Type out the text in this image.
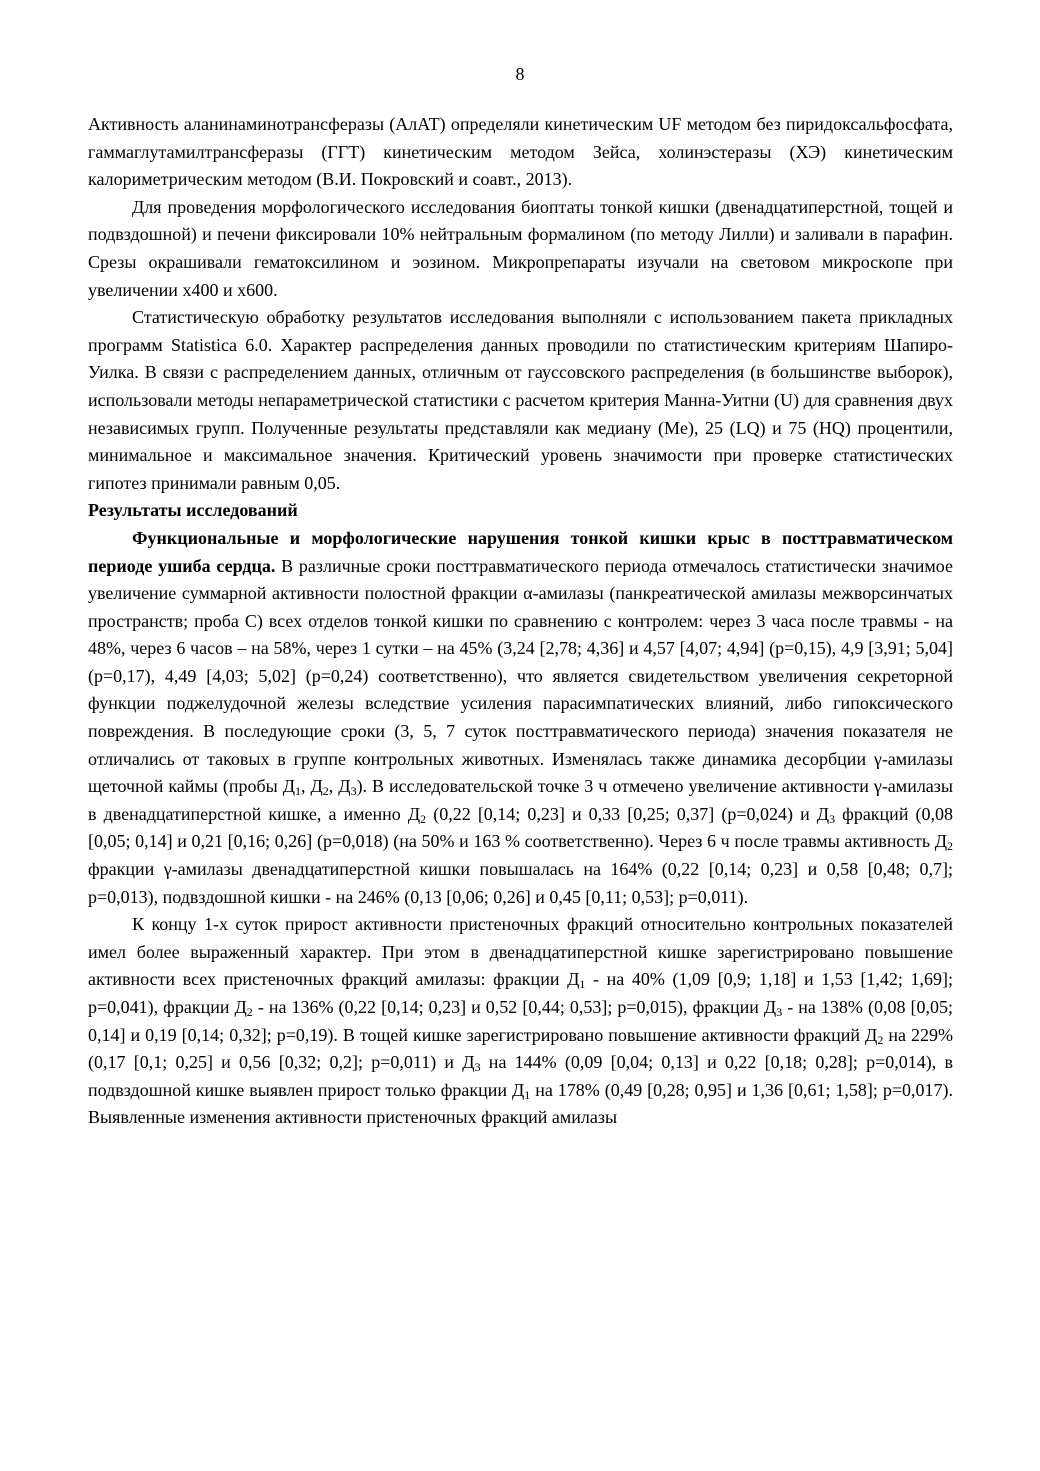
8

Активность аланинаминотрансферазы (АлАТ) определяли кинетическим UF методом без пиридоксальфосфата, гаммаглутамилтрансферазы (ГГТ) кинетическим методом Зейса, холинэстеразы (ХЭ) кинетическим калориметрическим методом (В.И. Покровский и соавт., 2013).

Для проведения морфологического исследования биоптаты тонкой кишки (двенадцатиперстной, тощей и подвздошной) и печени фиксировали 10% нейтральным формалином (по методу Лилли) и заливали в парафин. Срезы окрашивали гематоксилином и эозином. Микропрепараты изучали на световом микроскопе при увеличении х400 и х600.

Статистическую обработку результатов исследования выполняли с использованием пакета прикладных программ Statistica 6.0. Характер распределения данных проводили по статистическим критериям Шапиро-Уилка. В связи с распределением данных, отличным от гауссовского распределения (в большинстве выборок), использовали методы непараметрической статистики с расчетом критерия Манна-Уитни (U) для сравнения двух независимых групп. Полученные результаты представляли как медиану (Me), 25 (LQ) и 75 (HQ) процентили, минимальное и максимальное значения. Критический уровень значимости при проверке статистических гипотез принимали равным 0,05.

Результаты исследований

Функциональные и морфологические нарушения тонкой кишки крыс в посттравматическом периоде ушиба сердца. В различные сроки посттравматического периода отмечалось статистически значимое увеличение суммарной активности полостной фракции α-амилазы (панкреатической амилазы межворсинчатых пространств; проба С) всех отделов тонкой кишки по сравнению с контролем: через 3 часа после травмы - на 48%, через 6 часов – на 58%, через 1 сутки – на 45% (3,24 [2,78; 4,36] и 4,57 [4,07; 4,94] (р=0,15), 4,9 [3,91; 5,04] (р=0,17), 4,49 [4,03; 5,02] (р=0,24) соответственно), что является свидетельством увеличения секреторной функции поджелудочной железы вследствие усиления парасимпатических влияний, либо гипоксического повреждения. В последующие сроки (3, 5, 7 суток посттравматического периода) значения показателя не отличались от таковых в группе контрольных животных. Изменялась также динамика десорбции γ-амилазы щеточной каймы (пробы $Д_1$, $Д_2$, $Д_3$). В исследовательской точке 3 ч отмечено увеличение активности γ-амилазы в двенадцатиперстной кишке, а именно $Д_2$ (0,22 [0,14; 0,23] и 0,33 [0,25; 0,37] (р=0,024) и $Д_3$ фракций (0,08 [0,05; 0,14] и 0,21 [0,16; 0,26] (р=0,018) (на 50% и 163 % соответственно). Через 6 ч после травмы активность $Д_2$ фракции γ-амилазы двенадцатиперстной кишки повышалась на 164% (0,22 [0,14; 0,23] и 0,58 [0,48; 0,7]; р=0,013), подвздошной кишки - на 246% (0,13 [0,06; 0,26] и 0,45 [0,11; 0,53]; р=0,011).

К концу 1-х суток прирост активности пристеночных фракций относительно контрольных показателей имел более выраженный характер. При этом в двенадцатиперстной кишке зарегистрировано повышение активности всех пристеночных фракций амилазы: фракции $Д_1$ - на 40% (1,09 [0,9; 1,18] и 1,53 [1,42; 1,69]; р=0,041), фракции $Д_2$ - на 136% (0,22 [0,14; 0,23] и 0,52 [0,44; 0,53]; р=0,015), фракции $Д_3$ - на 138% (0,08 [0,05; 0,14] и 0,19 [0,14; 0,32]; р=0,19). В тощей кишке зарегистрировано повышение активности фракций $Д_2$ на 229% (0,17 [0,1; 0,25] и 0,56 [0,32; 0,2]; р=0,011) и $Д_3$ на 144% (0,09 [0,04; 0,13] и 0,22 [0,18; 0,28]; р=0,014), в подвздошной кишке выявлен прирост только фракции $Д_1$ на 178% (0,49 [0,28; 0,95] и 1,36 [0,61; 1,58]; р=0,017). Выявленные изменения активности пристеночных фракций амилазы
